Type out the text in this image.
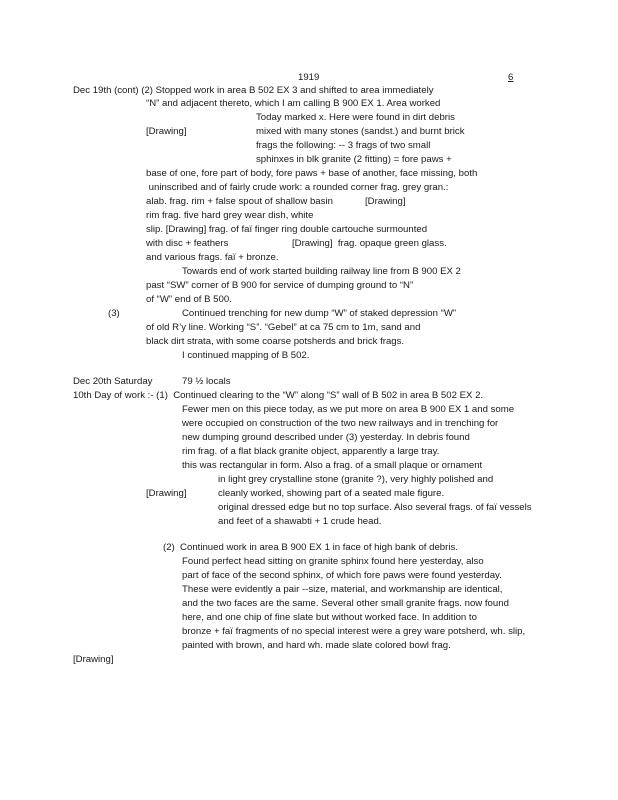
1919	6
Dec 19th (cont) (2) Stopped work in area B 502 EX 3 and shifted to area immediately
“N” and adjacent thereto, which I am calling B 900 EX 1. Area worked
Today marked x. Here were found in dirt debris
[Drawing]	mixed with many stones (sandst.) and burnt brick
frags the following: -- 3 frags of two small
sphinxes in blk granite (2 fitting) = fore paws +
base of one, fore part of body, fore paws + base of another, face missing, both
uninscribed and of fairly crude work: a rounded corner frag. grey gran.:
alab. frag. rim + false spout of shallow basin	[Drawing]
rim frag. five hard grey wear dish, white
slip. [Drawing] frag. of faï finger ring double cartouche surmounted
with disc + feathers	[Drawing]  frag. opaque green glass.
and various frags. faï + bronze.
Towards end of work started building railway line from B 900 EX 2
past “SW” corner of B 900 for service of dumping ground to “N”
of “W” end of B 500.
(3)	Continued trenching for new dump “W” of staked depression “W”
of old R’y line. Working “S”. “Gebel” at ca 75 cm to 1m, sand and
black dirt strata, with some coarse potsherds and brick frags.
I continued mapping of B 502.
Dec 20th Saturday	79 ½ locals
10th Day of work :- (1)  Continued clearing to the “W” along “S” wall of B 502 in area B 502 EX 2.
Fewer men on this piece today, as we put more on area B 900 EX 1 and some
were occupied on construction of the two new railways and in trenching for
new dumping ground described under (3) yesterday. In debris found
rim frag. of a flat black granite object, apparently a large tray.
this was rectangular in form. Also a frag. of a small plaque or ornament
in light grey crystalline stone (granite ?), very highly polished and
[Drawing]	cleanly worked, showing part of a seated male figure.
original dressed edge but no top surface. Also several frags. of faï vessels
and feet of a shawabti + 1 crude head.
(2)  Continued work in area B 900 EX 1 in face of high bank of debris.
Found perfect head sitting on granite sphinx found here yesterday, also
part of face of the second sphinx, of which fore paws were found yesterday.
These were evidently a pair --size, material, and workmanship are identical,
and the two faces are the same. Several other small granite frags. now found
here, and one chip of fine slate but without worked face. In addition to
bronze + faï fragments of no special interest were a grey ware potsherd, wh. slip,
painted with brown, and hard wh. made slate colored bowl frag.
[Drawing]
